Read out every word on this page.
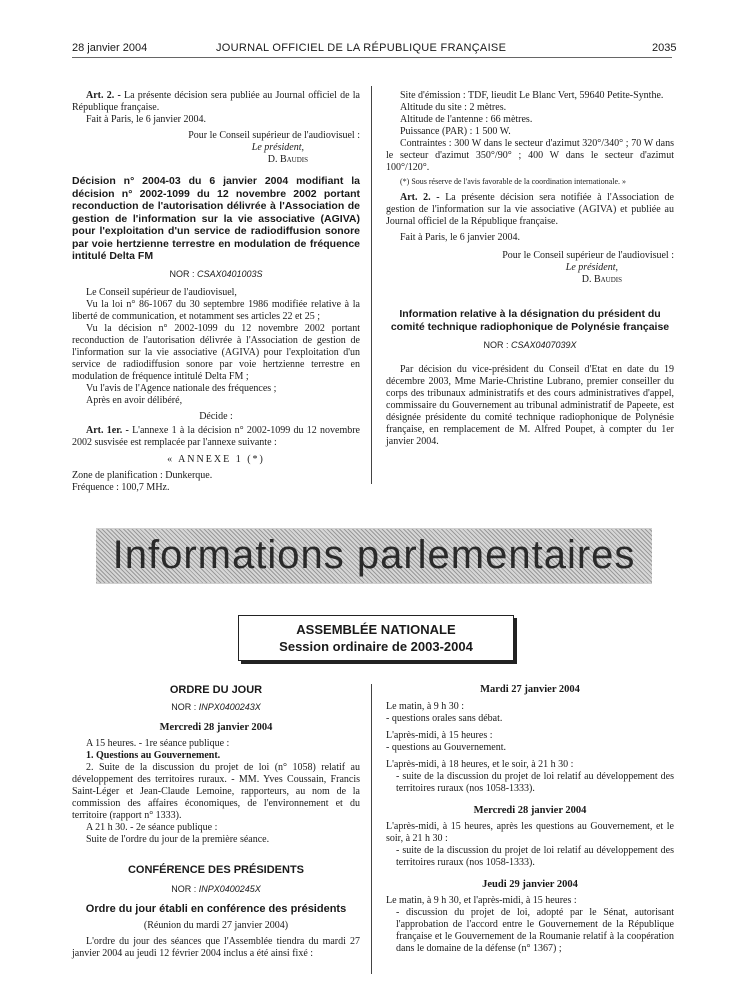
28 janvier 2004	JOURNAL OFFICIEL DE LA RÉPUBLIQUE FRANÇAISE	2035

Art. 2. - La présente décision sera publiée au Journal officiel de la République française.

Fait à Paris, le 6 janvier 2004.

Pour le Conseil supérieur de l'audiovisuel :

Le président,

D. Baudis

Décision n° 2004-03 du 6 janvier 2004 modifiant la décision n° 2002-1099 du 12 novembre 2002 portant reconduction de l'autorisation délivrée à l'Association de gestion de l'information sur la vie associative (AGIVA) pour l'exploitation d'un service de radiodiffusion sonore par voie hertzienne terrestre en modulation de fréquence intitulé Delta FM

NOR : CSAX0401003S

Le Conseil supérieur de l'audiovisuel,

Vu la loi n° 86-1067 du 30 septembre 1986 modifiée relative à la liberté de communication, et notamment ses articles 22 et 25 ;

Vu la décision n° 2002-1099 du 12 novembre 2002 portant reconduction de l'autorisation délivrée à l'Association de gestion de l'information sur la vie associative (AGIVA) pour l'exploitation d'un service de radiodiffusion sonore par voie hertzienne terrestre en modulation de fréquence intitulé Delta FM ;

Vu l'avis de l'Agence nationale des fréquences ;

Après en avoir délibéré,

Décide :

Art. 1er. - L'annexe 1 à la décision n° 2002-1099 du 12 novembre 2002 susvisée est remplacée par l'annexe suivante :

« ANNEXE 1 (*)

Zone de planification : Dunkerque.

Fréquence : 100,7 MHz.

Site d'émission : TDF, lieudit Le Blanc Vert, 59640 Petite-Synthe.

Altitude du site : 2 mètres.

Altitude de l'antenne : 66 mètres.

Puissance (PAR) : 1 500 W.

Contraintes : 300 W dans le secteur d'azimut 320°/340° ; 70 W dans le secteur d'azimut 350°/90° ; 400 W dans le secteur d'azimut 100°/120°.

(*) Sous réserve de l'avis favorable de la coordination internationale. »

Art. 2. - La présente décision sera notifiée à l'Association de gestion de l'information sur la vie associative (AGIVA) et publiée au Journal officiel de la République française.

Fait à Paris, le 6 janvier 2004.

Pour le Conseil supérieur de l'audiovisuel :

Le président,

D. Baudis

Information relative à la désignation du président du comité technique radiophonique de Polynésie française

NOR : CSAX0407039X

Par décision du vice-président du Conseil d'Etat en date du 19 décembre 2003, Mme Marie-Christine Lubrano, premier conseiller du corps des tribunaux administratifs et des cours administratives d'appel, commissaire du Gouvernement au tribunal administratif de Papeete, est désignée présidente du comité technique radiophonique de Polynésie française, en remplacement de M. Alfred Poupet, à compter du 1er janvier 2004.

Informations parlementaires
ASSEMBLÉE NATIONALE
Session ordinaire de 2003-2004

ORDRE DU JOUR

NOR : INPX0400243X

Mercredi 28 janvier 2004

A 15 heures. - 1re séance publique :

1. Questions au Gouvernement.

2. Suite de la discussion du projet de loi (n° 1058) relatif au développement des territoires ruraux. - MM. Yves Coussain, Francis Saint-Léger et Jean-Claude Lemoine, rapporteurs, au nom de la commission des affaires économiques, de l'environnement et du territoire (rapport n° 1333).

A 21 h 30. - 2e séance publique :

Suite de l'ordre du jour de la première séance.

CONFÉRENCE DES PRÉSIDENTS

NOR : INPX0400245X

Ordre du jour établi en conférence des présidents

(Réunion du mardi 27 janvier 2004)

L'ordre du jour des séances que l'Assemblée tiendra du mardi 27 janvier 2004 au jeudi 12 février 2004 inclus a été ainsi fixé :

Mardi 27 janvier 2004

Le matin, à 9 h 30 :

- questions orales sans débat.

L'après-midi, à 15 heures :

- questions au Gouvernement.

L'après-midi, à 18 heures, et le soir, à 21 h 30 :

- suite de la discussion du projet de loi relatif au développement des territoires ruraux (nos 1058-1333).

Mercredi 28 janvier 2004

L'après-midi, à 15 heures, après les questions au Gouvernement, et le soir, à 21 h 30 :

- suite de la discussion du projet de loi relatif au développement des territoires ruraux (nos 1058-1333).

Jeudi 29 janvier 2004

Le matin, à 9 h 30, et l'après-midi, à 15 heures :

- discussion du projet de loi, adopté par le Sénat, autorisant l'approbation de l'accord entre le Gouvernement de la République française et le Gouvernement de la Roumanie relatif à la coopération dans le domaine de la défense (n° 1367) ;
